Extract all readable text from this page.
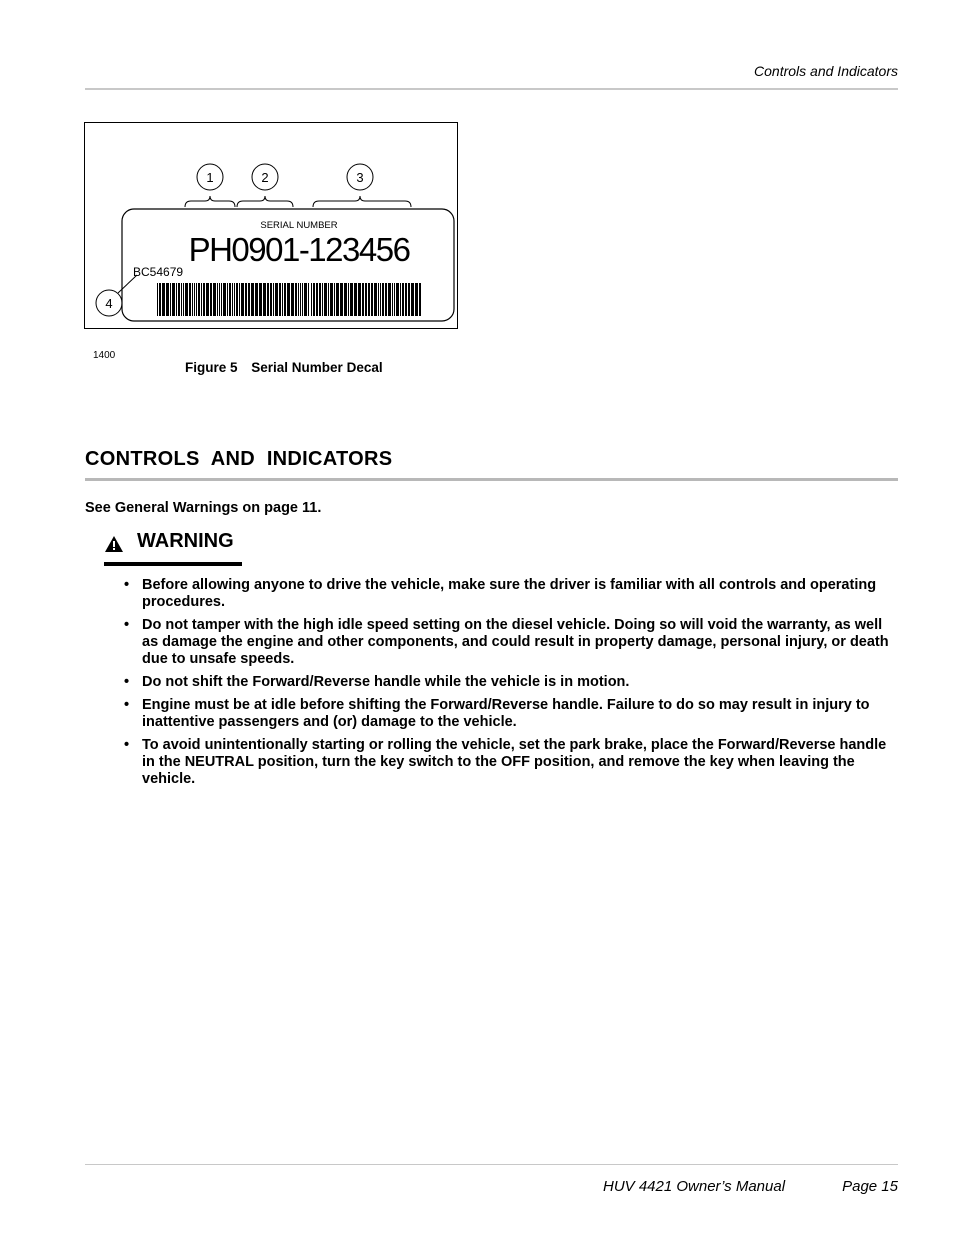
Controls and Indicators
1	2	3
4
SERIAL NUMBER
PH0901-123456
BC54679
1400
Figure 5 Serial Number Decal
CONTROLS AND INDICATORS
See General Warnings on page 11.
WARNING
• Before allowing anyone to drive the vehicle, make sure the driver is familiar with all controls and operating procedures.
• Do not tamper with the high idle speed setting on the diesel vehicle. Doing so will void the warranty, as well as damage the engine and other components, and could result in property damage, personal injury, or death due to unsafe speeds.
• Do not shift the Forward/Reverse handle while the vehicle is in motion.
• Engine must be at idle before shifting the Forward/Reverse handle. Failure to do so may result in injury to inattentive passengers and (or) damage to the vehicle.
• To avoid unintentionally starting or rolling the vehicle, set the park brake, place the Forward/Reverse handle in the NEUTRAL position, turn the key switch to the OFF position, and remove the key when leaving the vehicle.
HUV 4421 Owner’s Manual	Page 15
